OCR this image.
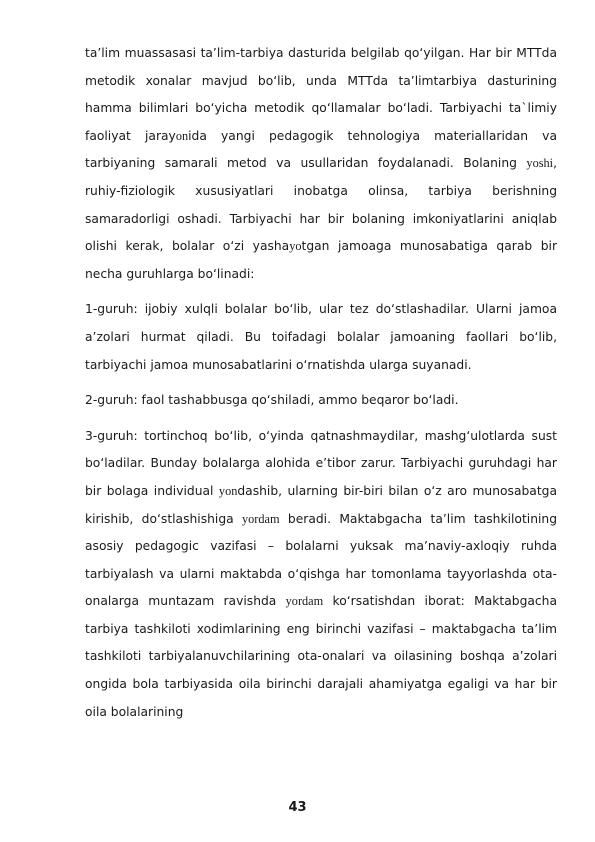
ta’lim muassasasi ta’lim-tarbiya dasturida belgilab qo‘yilgan. Har bir MTTda metodik xonalar mavjud bo‘lib, unda MTTda ta’limtarbiya dasturining hamma bilimlari bo‘yicha metodik qo‘llamalar bo‘ladi. Tarbiyachi ta`limiy faoliyat jarayonida yangi pedagogik tehnologiya materiallaridan va tarbiyaning samarali metod va usullaridan foydalanadi. Bolaning yoshi, ruhiy-fiziologik xususiyatlari inobatga olinsa, tarbiya berishning samaradorligi oshadi. Tarbiyachi har bir bolaning imkoniyatlarini aniqlab olishi kerak, bolalar o‘zi yashayotgan jamoaga munosabatiga qarab bir necha guruhlarga bo‘linadi:

1-guruh: ijobiy xulqli bolalar bo‘lib, ular tez do‘stlashadilar. Ularni jamoa a’zolari hurmat qiladi. Bu toifadagi bolalar jamoaning faollari bo‘lib, tarbiyachi jamoa munosabatlarini o‘rnatishda ularga suyanadi.

2-guruh: faol tashabbusga qo‘shiladi, ammo beqaror bo‘ladi.

3-guruh: tortinchoq bo‘lib, o‘yinda qatnashmaydilar, mashg‘ulotlarda sust bo‘ladilar. Bunday bolalarga alohida e’tibor zarur. Tarbiyachi guruhdagi har bir bolaga individual yondashib, ularning bir-biri bilan o‘z aro munosabatga kirishib, do‘stlashishiga yordam beradi. Maktabgacha ta’lim tashkilotining asosiy pedagogic vazifasi – bolalarni yuksak ma’naviy-axloqiy ruhda tarbiyalash va ularni maktabda o‘qishga har tomonlama tayyorlashda ota-onalarga muntazam ravishda yordam ko‘rsatishdan iborat: Maktabgacha tarbiya tashkiloti xodimlarining eng birinchi vazifasi – maktabgacha ta’lim tashkiloti tarbiyalanuvchilarining ota-onalari va oilasining boshqa a’zolari ongida bola tarbiyasida oila birinchi darajali ahamiyatga egaligi va har bir oila bolalarining

43
